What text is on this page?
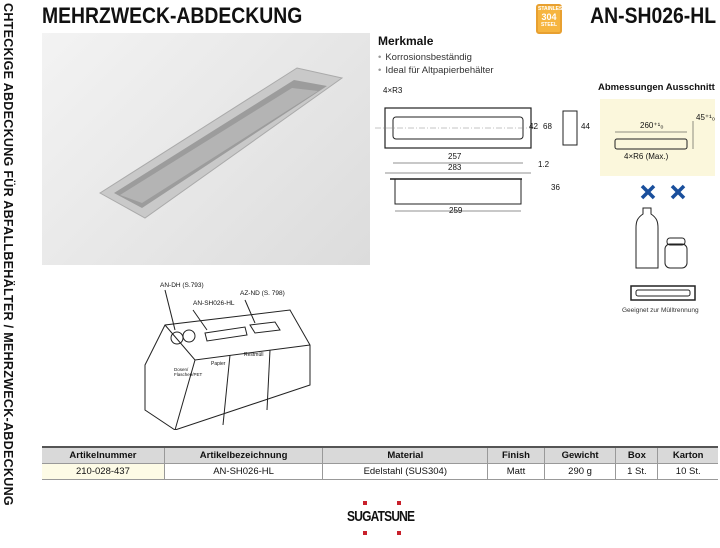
CHTECKIGE ABDECKUNG FÜR ABFALLBEHÄLTER / MEHRZWECK-ABDECKUNG MEHRZWECK-ABDECKUNG	STAINLESS
304
STEEL AN-SH026-HL
Merkmale
• Korrosionsbeständig
• Ideal für Altpapierbehälter
4×R3
257
283
42 68	44
1.2
36
259
260⁺¹₀
45⁺¹₀
4×R6 (Max.)
Abmessungen Ausschnitt
Geeignet zur Mülltrennung
AN-DH (S.793)
AN-SH026-HL
AZ-ND (S. 798)
Dosen/ Flaschen/PET
Papier
Restmüll
Artikelnummer	Artikelbezeichnung	Material	Finish	Gewicht	Box	Karton
210-028-437	AN-SH026-HL	Edelstahl (SUS304)	Matt	290 g	1 St.	10 St.
SUGATSUNE
